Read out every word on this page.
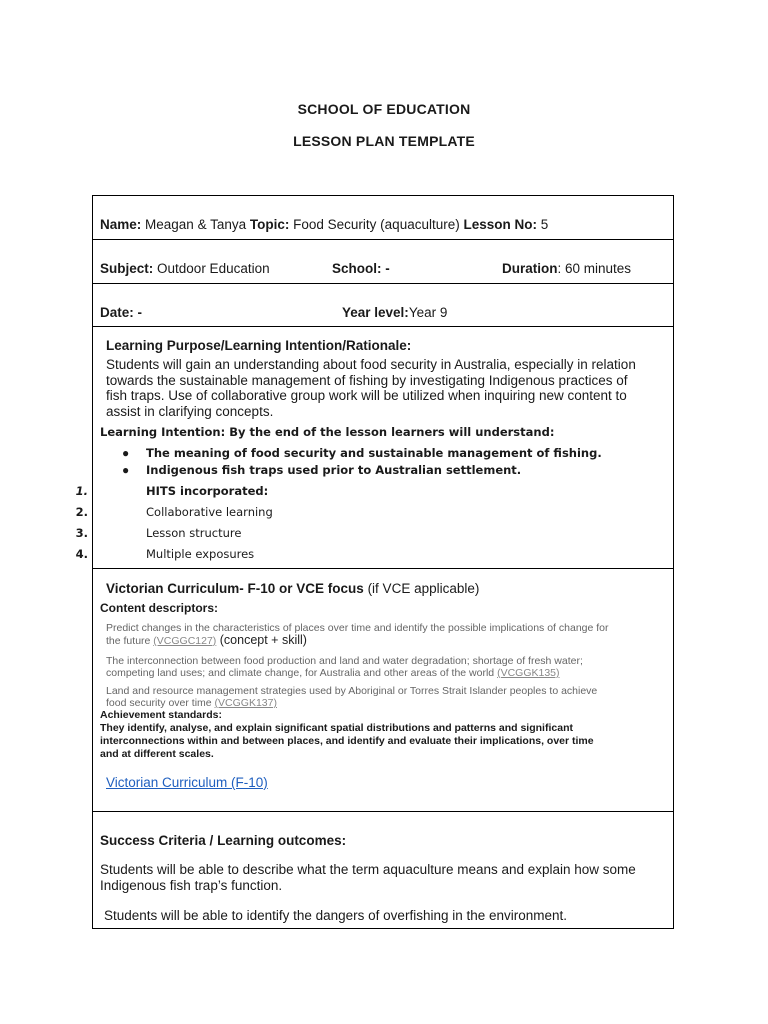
SCHOOL OF EDUCATION
LESSON PLAN TEMPLATE
Name: Meagan & Tanya Topic: Food Security (aquaculture) Lesson No: 5
Subject: Outdoor Education	School: -	Duration: 60 minutes
Date: -	Year level:Year 9
Learning Purpose/Learning Intention/Rationale:
Students will gain an understanding about food security in Australia, especially in relation
towards the sustainable management of fishing by investigating Indigenous practices of
fish traps. Use of collaborative group work will be utilized when inquiring new content to
assist in clarifying concepts.
Learning Intention: By the end of the lesson learners will understand:
● The meaning of food security and sustainable management of fishing.
● Indigenous fish traps used prior to Australian settlement.
1.	HITS incorporated:
2.	Collaborative learning
3.	Lesson structure
4.	Multiple exposures
Victorian Curriculum- F-10 or VCE focus (if VCE applicable)
Content descriptors:
Predict changes in the characteristics of places over time and identify the possible implications of change for
the future (VCGGC127) (concept + skill)
The interconnection between food production and land and water degradation; shortage of fresh water;
competing land uses; and climate change, for Australia and other areas of the world (VCGGK135)
Land and resource management strategies used by Aboriginal or Torres Strait Islander peoples to achieve
food security over time (VCGGK137)
Achievement standards:
They identify, analyse, and explain significant spatial distributions and patterns and significant
interconnections within and between places, and identify and evaluate their implications, over time
and at different scales.
Victorian Curriculum (F-10)
Success Criteria / Learning outcomes:
Students will be able to describe what the term aquaculture means and explain how some
Indigenous fish trap’s function.
Students will be able to identify the dangers of overfishing in the environment.
